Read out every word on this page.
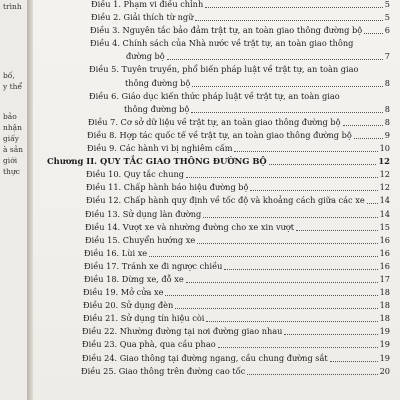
trình
bố,
y thể
bảo
nhận
giấy
à sản
giới
thực
Điều 1. Phạm vi điều chỉnh	5
Điều 2. Giải thích từ ngữ	5
Điều 3. Nguyên tắc bảo đảm trật tự, an toàn giao thông đường bộ	6
Điều 4. Chính sách của Nhà nước về trật tự, an toàn giao thông
đường bộ	7
Điều 5. Tuyên truyền, phổ biến pháp luật về trật tự, an toàn giao
thông đường bộ	8
Điều 6. Giáo dục kiến thức pháp luật về trật tự, an toàn giao
thông đường bộ	8
Điều 7. Cơ sở dữ liệu về trật tự, an toàn giao thông đường bộ	8
Điều 8. Hợp tác quốc tế về trật tự, an toàn giao thông đường bộ	9
Điều 9. Các hành vi bị nghiêm cấm	10
Chương II. QUY TẮC GIAO THÔNG ĐƯỜNG BỘ	12
Điều 10. Quy tắc chung	12
Điều 11. Chấp hành báo hiệu đường bộ	12
Điều 12. Chấp hành quy định về tốc độ và khoảng cách giữa các xe 14
Điều 13. Sử dụng làn đường	14
Điều 14. Vượt xe và nhường đường cho xe xin vượt	15
Điều 15. Chuyển hướng xe	16
Điều 16. Lùi xe	16
Điều 17. Tránh xe đi ngược chiều	16
Điều 18. Dừng xe, đỗ xe	17
Điều 19. Mở cửa xe	18
Điều 20. Sử dụng đèn	18
Điều 21. Sử dụng tín hiệu còi	18
Điều 22. Nhường đường tại nơi đường giao nhau	19
Điều 23. Qua phà, qua cầu phao	19
Điều 24. Giao thông tại đường ngang, cầu chung đường sắt	19
Điều 25. Giao thông trên đường cao tốc	20
